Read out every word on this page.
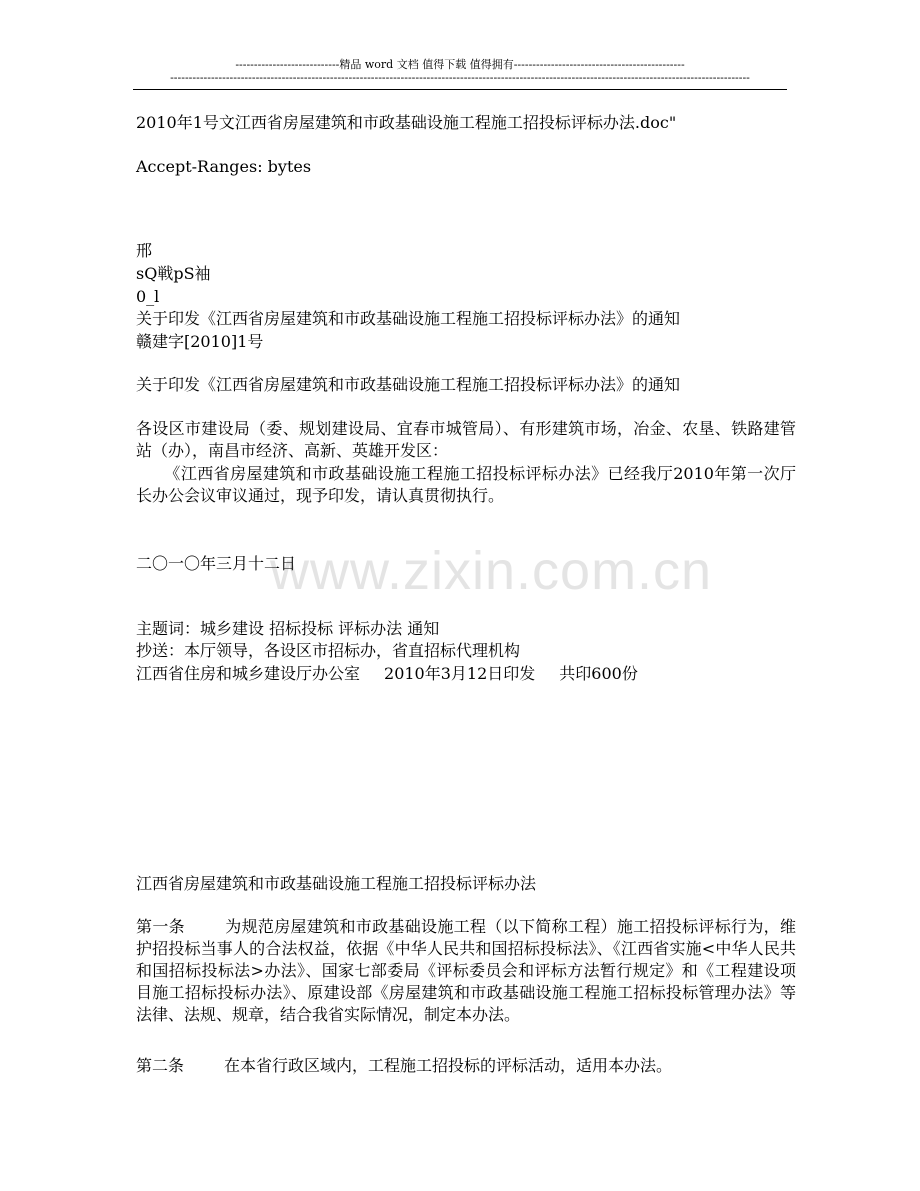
----------------------------精品 word 文档 值得下载 值得拥有----------------------------------------------
------------------------------------------------------------------------------------------------------------------------------------------------------------
www.zixin.com.cn
2010年1号文江西省房屋建筑和市政基础设施工程施工招投标评标办法.doc"
Accept-Ranges: bytes
邢
sQ戦pS袖
0_l
关于印发《江西省房屋建筑和市政基础设施工程施工招投标评标办法》的通知
赣建字[2010]1号
关于印发《江西省房屋建筑和市政基础设施工程施工招投标评标办法》的通知
各设区市建设局（委、规划建设局、宜春市城管局）、有形建筑市场，冶金、农垦、铁路建管站（办），南昌市经济、高新、英雄开发区：
《江西省房屋建筑和市政基础设施工程施工招投标评标办法》已经我厅2010年第一次厅长办公会议审议通过，现予印发，请认真贯彻执行。
二〇一〇年三月十二日
主题词：城乡建设 招标投标 评标办法 通知
抄送：本厅领导，各设区市招标办，省直招标代理机构
江西省住房和城乡建设厅办公室 2010年3月12日印发 共印600份
江西省房屋建筑和市政基础设施工程施工招投标评标办法
第一条	为规范房屋建筑和市政基础设施工程（以下简称工程）施工招投标评标行为，维护招投标当事人的合法权益，依据《中华人民共和国招标投标法》、《江西省实施<中华人民共和国招标投标法>办法》、国家七部委局《评标委员会和评标方法暂行规定》和《工程建设项目施工招标投标办法》、原建设部《房屋建筑和市政基础设施工程施工招标投标管理办法》等法律、法规、规章，结合我省实际情况，制定本办法。
第二条	在本省行政区域内，工程施工招投标的评标活动，适用本办法。
